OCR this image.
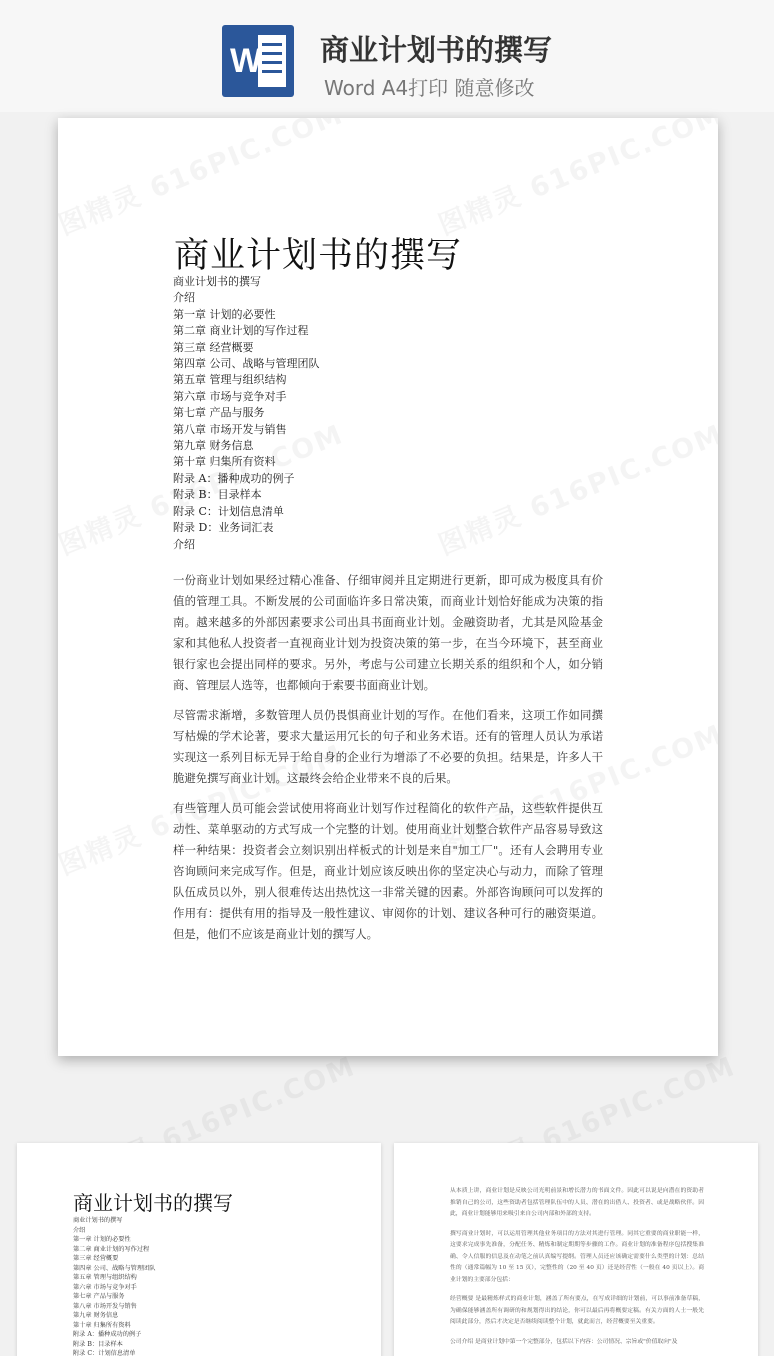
W 商业计划书的撰写
Word A4打印 随意修改
商业计划书的撰写
商业计划书的撰写
介绍
第一章 计划的必要性
第二章 商业计划的写作过程
第三章 经营概要
第四章 公司、战略与管理团队
第五章 管理与组织结构
第六章 市场与竞争对手
第七章 产品与服务
第八章 市场开发与销售
第九章 财务信息
第十章 归集所有资料
附录 A：播种成功的例子
附录 B：目录样本
附录 C：计划信息清单
附录 D：业务词汇表
介绍

一份商业计划如果经过精心准备、仔细审阅并且定期进行更新，即可成为极度具有价值的管理工具。不断发展的公司面临许多日常决策，而商业计划恰好能成为决策的指南。越来越多的外部因素要求公司出具书面商业计划。金融资助者，尤其是风险基金家和其他私人投资者一直视商业计划为投资决策的第一步，在当今环境下，甚至商业银行家也会提出同样的要求。另外，考虑与公司建立长期关系的组织和个人，如分销商、管理层人选等，也都倾向于索要书面商业计划。

尽管需求渐增，多数管理人员仍畏惧商业计划的写作。在他们看来，这项工作如同撰写枯燥的学术论著，要求大量运用冗长的句子和业务术语。还有的管理人员认为承诺实现这一系列目标无异于给自身的企业行为增添了不必要的负担。结果是，许多人干脆避免撰写商业计划。这最终会给企业带来不良的后果。

有些管理人员可能会尝试使用将商业计划写作过程简化的软件产品，这些软件提供互动性、菜单驱动的方式写成一个完整的计划。使用商业计划整合软件产品容易导致这样一种结果：投资者会立刻识别出样板式的计划是来自"加工厂"。还有人会聘用专业咨询顾问来完成写作。但是，商业计划应该反映出你的坚定决心与动力，而除了管理队伍成员以外，别人很难传达出热忱这一非常关键的因素。外部咨询顾问可以发挥的作用有：提供有用的指导及一般性建议、审阅你的计划、建议各种可行的融资渠道。但是，他们不应该是商业计划的撰写人。

商业计划书的撰写
商业计划书的撰写
介绍
第一章 计划的必要性
第二章 商业计划的写作过程
第三章 经营概要
第四章 公司、战略与管理团队
第五章 管理与组织结构
第六章 市场与竞争对手
第七章 产品与服务
第八章 市场开发与销售
第九章 财务信息
第十章 归集所有资料
附录 A：播种成功的例子
附录 B：目录样本
附录 C：计划信息清单

从本质上讲，商业计划是反映公司光明前景和增长潜力的书面文件。因此可以说是向潜在的资助者推销自己的公司，这些资助者包括管理队伍中的人员、潜在的出借人、投资者、或是战略伙伴。因此，商业计划能够用来吸引来自公司内部和外部的支持。

撰写商业计划时，可以运用管理其他业务项目的方法对其进行管理。同其它重要的商业职能一样，这要求完成事先准备，分配任务、精炼和制定期期等步骤的工作。商业计划的准备程序包括搜集准确、令人信服的信息及在动笔之前认真编写提纲。管理人员还应该确定需要什么类型的计划：总结性的（通常篇幅为 10 至 15 页），完整性的（20 至 40 页）还是经营性（一般在 40 页以上）。商业计划的主要部分包括：

经营概要 是最精炼样式的商业计划，涵盖了所有要点，在写成详细的计划前，可以事前准备草稿，为确保能够涵盖所有调研的和规划得出的结论，你可以最后再将概要定稿。有关方面的人士一般先阅读此部分，然后才决定是否继续阅读整个计划，就此而言，经营概要至关重要。

公司介绍 是商业计划中第一个完整部分，包括以下内容：公司情况、宗旨或"价值取向"及
